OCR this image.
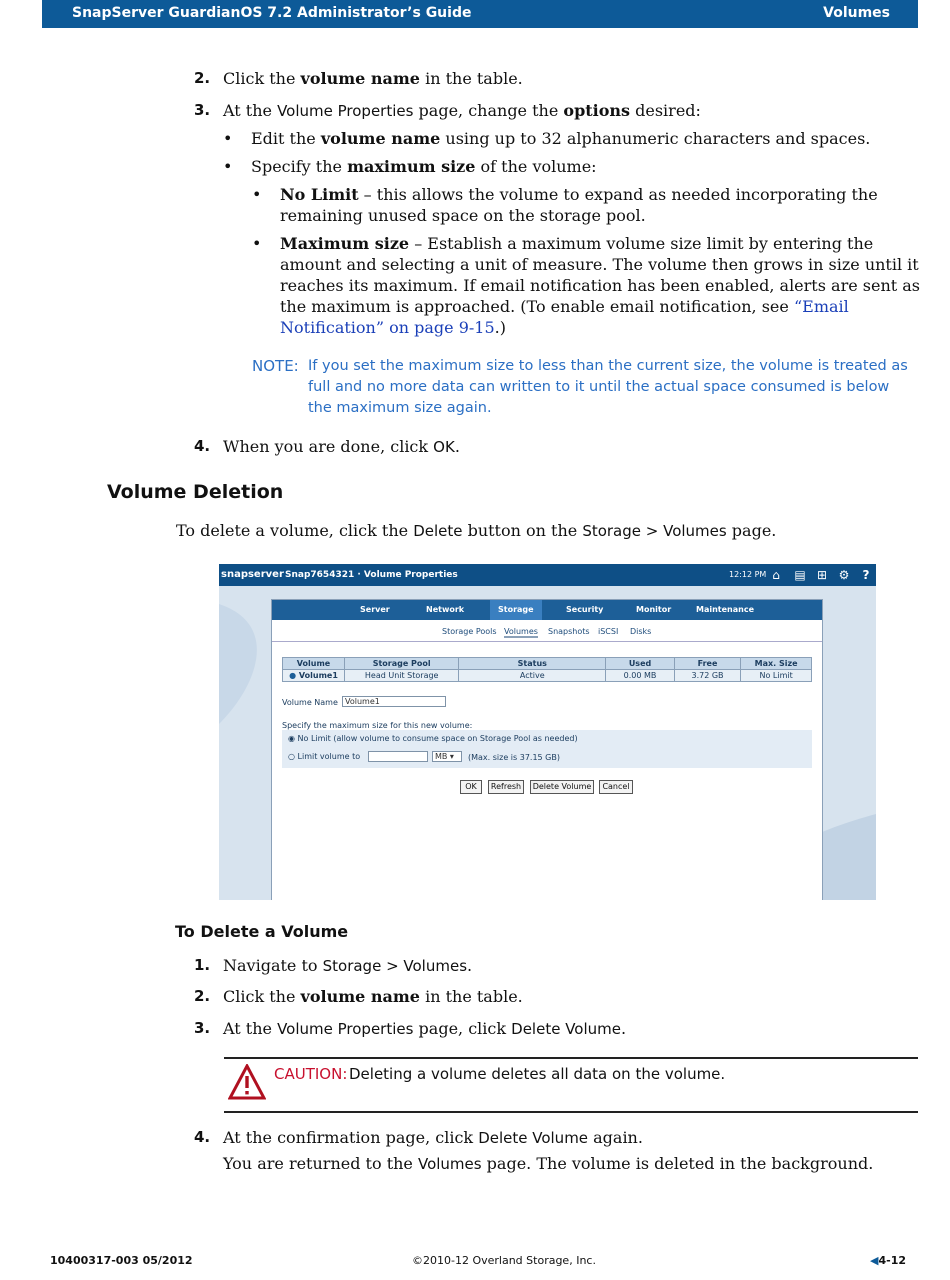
SnapServer GuardianOS 7.2 Administrator’s Guide	Volumes
2. Click the volume name in the table.
3. At the Volume Properties page, change the options desired:
• Edit the volume name using up to 32 alphanumeric characters and spaces.
• Specify the maximum size of the volume:
• No Limit – this allows the volume to expand as needed incorporating the
remaining unused space on the storage pool.
• Maximum size – Establish a maximum volume size limit by entering the
amount and selecting a unit of measure. The volume then grows in size until it
reaches its maximum. If email notification has been enabled, alerts are sent as
the maximum is approached. (To enable email notification, see “Email
Notification” on page 9-15.)
NOTE: If you set the maximum size to less than the current size, the volume is treated as full and no more data can written to it until the actual space consumed is below the maximum size again.
4. When you are done, click OK.
Volume Deletion
To delete a volume, click the Delete button on the Storage > Volumes page.
snapserver Snap7654321 · Volume Properties	12:12 PM ⌂	▤ ⊞ ⚙	?
Server	Network	Storage	Security	Monitor	Maintenance
Storage Pools Volumes Snapshots iSCSI Disks
Volume	Storage Pool	Status	Used	Free	Max. Size
● Volume1	Head Unit Storage	Active	0.00 MB	3.72 GB	No Limit
Volume Name Volume1
Specify the maximum size for this new volume:
◉ No Limit (allow volume to consume space on Storage Pool as needed)
○ Limit volume to	MB ▾	(Max. size is 37.15 GB)
OK	Refresh	Delete Volume	Cancel
To Delete a Volume
1. Navigate to Storage > Volumes.
2. Click the volume name in the table.
3. At the Volume Properties page, click Delete Volume.
CAUTION: Deleting a volume deletes all data on the volume.
4. At the confirmation page, click Delete Volume again.
You are returned to the Volumes page. The volume is deleted in the background.
10400317-003 05/2012	©2010-12 Overland Storage, Inc.	◀4-12
